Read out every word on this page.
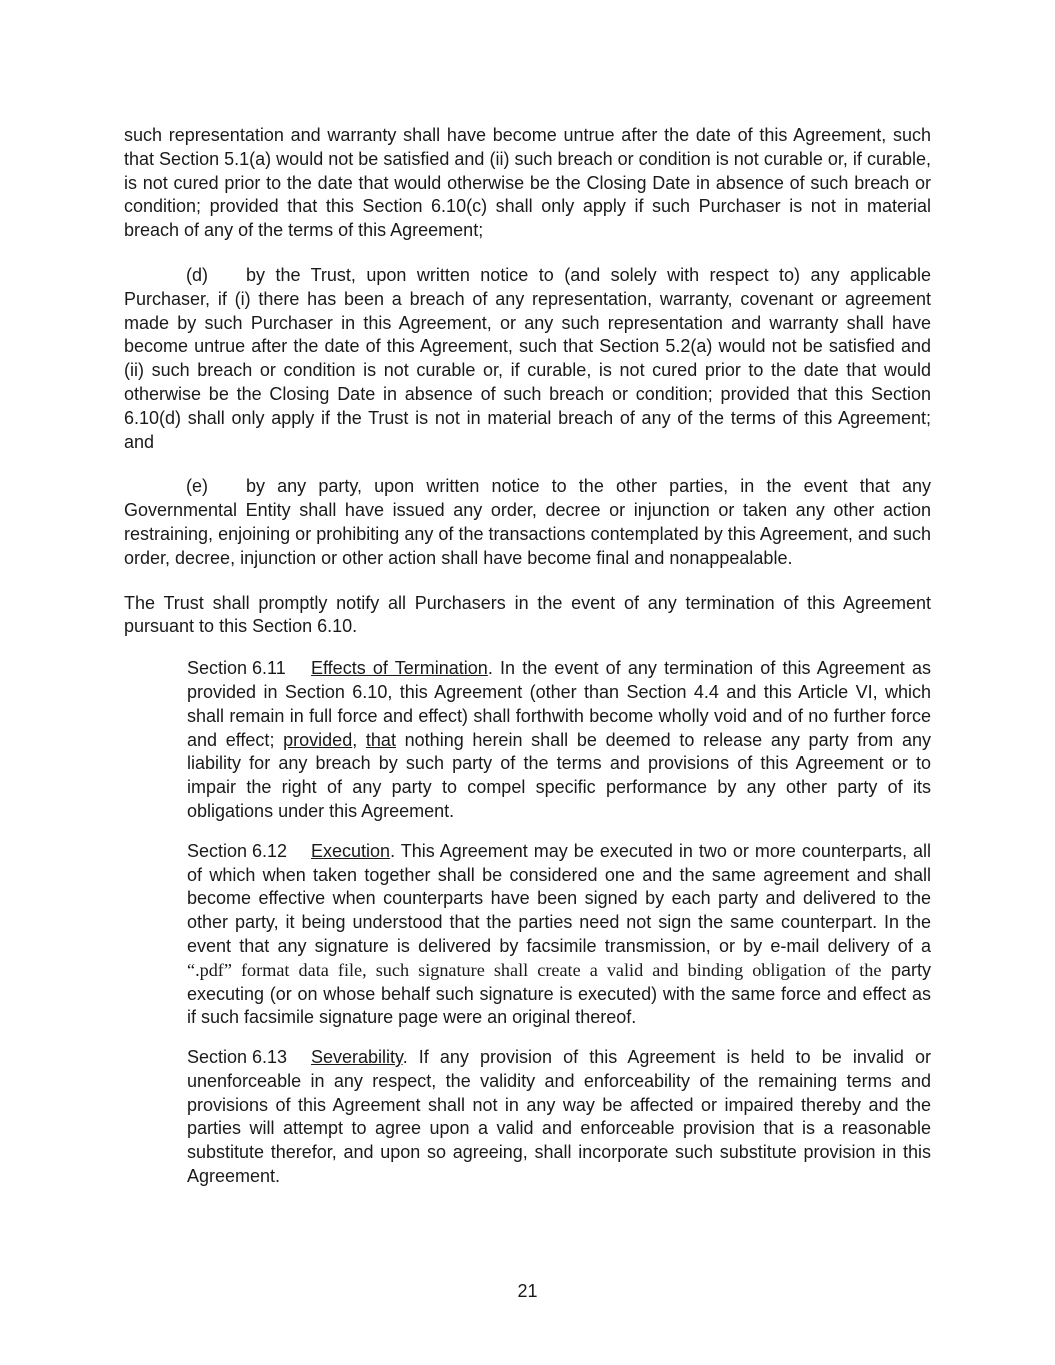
such representation and warranty shall have become untrue after the date of this Agreement, such that Section 5.1(a) would not be satisfied and (ii) such breach or condition is not curable or, if curable, is not cured prior to the date that would otherwise be the Closing Date in absence of such breach or condition; provided that this Section 6.10(c) shall only apply if such Purchaser is not in material breach of any of the terms of this Agreement;

(d) by the Trust, upon written notice to (and solely with respect to) any applicable Purchaser, if (i) there has been a breach of any representation, warranty, covenant or agreement made by such Purchaser in this Agreement, or any such representation and warranty shall have become untrue after the date of this Agreement, such that Section 5.2(a) would not be satisfied and (ii) such breach or condition is not curable or, if curable, is not cured prior to the date that would otherwise be the Closing Date in absence of such breach or condition; provided that this Section 6.10(d) shall only apply if the Trust is not in material breach of any of the terms of this Agreement; and

(e) by any party, upon written notice to the other parties, in the event that any Governmental Entity shall have issued any order, decree or injunction or taken any other action restraining, enjoining or prohibiting any of the transactions contemplated by this Agreement, and such order, decree, injunction or other action shall have become final and nonappealable.

The Trust shall promptly notify all Purchasers in the event of any termination of this Agreement pursuant to this Section 6.10.

Section 6.11 Effects of Termination. In the event of any termination of this Agreement as provided in Section 6.10, this Agreement (other than Section 4.4 and this Article VI, which shall remain in full force and effect) shall forthwith become wholly void and of no further force and effect; provided, that nothing herein shall be deemed to release any party from any liability for any breach by such party of the terms and provisions of this Agreement or to impair the right of any party to compel specific performance by any other party of its obligations under this Agreement.

Section 6.12 Execution. This Agreement may be executed in two or more counterparts, all of which when taken together shall be considered one and the same agreement and shall become effective when counterparts have been signed by each party and delivered to the other party, it being understood that the parties need not sign the same counterpart. In the event that any signature is delivered by facsimile transmission, or by e-mail delivery of a “.pdf” format data file, such signature shall create a valid and binding obligation of the party executing (or on whose behalf such signature is executed) with the same force and effect as if such facsimile signature page were an original thereof.

Section 6.13 Severability. If any provision of this Agreement is held to be invalid or unenforceable in any respect, the validity and enforceability of the remaining terms and provisions of this Agreement shall not in any way be affected or impaired thereby and the parties will attempt to agree upon a valid and enforceable provision that is a reasonable substitute therefor, and upon so agreeing, shall incorporate such substitute provision in this Agreement.

21
